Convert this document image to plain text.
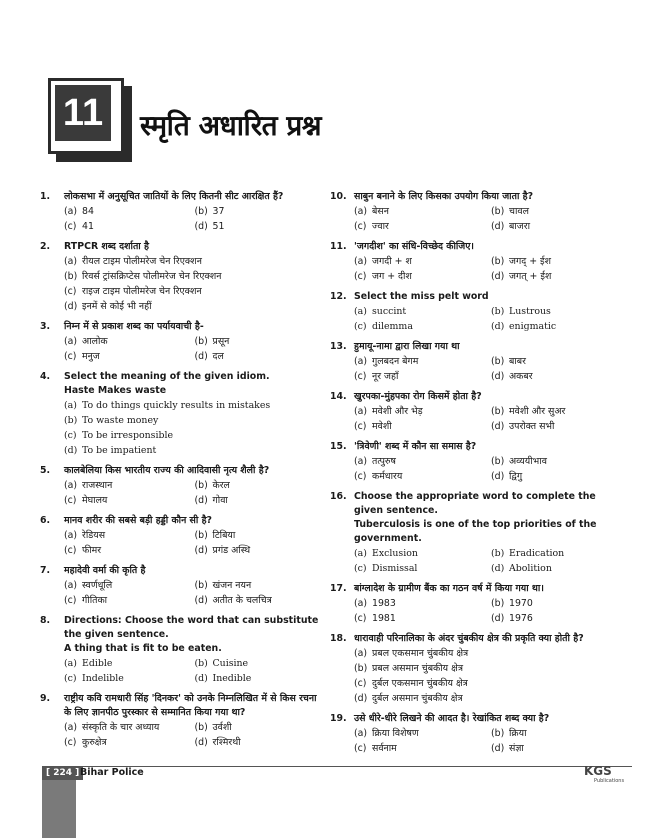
11 स्मृति अधारित प्रश्न
1.	लोकसभा में अनुसूचित जातियों के लिए कितनी सीट आरक्षित हैं?
(a) 84	(b) 37
(c) 41	(d) 51
2.	RTPCR शब्द दर्शाता है
(a) रीयल टाइम पोलीमरेज चेन रिएक्शन
(b) रिवर्स ट्रांसक्रिप्टेस पोलीमरेज चेन रिएक्शन
(c) राइज टाइम पोलीमरेज चेन रिएक्शन
(d) इनमें से कोई भी नहीं
3.	निम्न में से प्रकाश शब्द का पर्यायवाची है-
(a) आलोक	(b) प्रसून
(c) मनुज	(d) दल
4.	Select the meaning of the given idiom.
Haste Makes waste
(a) To do things quickly results in mistakes
(b) To waste money
(c) To be irresponsible
(d) To be impatient
5.	कालबेलिया किस भारतीय राज्य की आदिवासी नृत्य शैली है?
(a) राजस्थान	(b) केरल
(c) मेघालय	(d) गोवा
6.	मानव शरीर की सबसे बड़ी हड्डी कौन सी है?
(a) रेडियस	(b) टिबिया
(c) फीमर	(d) प्रगंड अस्थि
7.	महादेवी वर्मा की कृति है
(a) स्वर्णधूलि	(b) खंजन नयन
(c) गीतिका	(d) अतीत के चलचित्र
8.	Directions: Choose the word that can substitute the given sentence.
A thing that is fit to be eaten.
(a) Edible	(b) Cuisine
(c) Indelible	(d) Inedible
9.	राष्ट्रीय कवि रामधारी सिंह 'दिनकर' को उनके निम्नलिखित में से किस रचना के लिए ज्ञानपीठ पुरस्कार से सम्मानित किया गया था?
(a) संस्कृति के चार अध्याय	(b) उर्वशी
(c) कुरुक्षेत्र	(d) रश्मिरथी
10. साबुन बनाने के लिए किसका उपयोग किया जाता है?
(a) बेसन	(b) चावल
(c) ज्वार	(d) बाजरा
11. 'जगदीश' का संधि-विच्छेद कीजिए।
(a) जगदी + श	(b) जगद् + ईश
(c) जग + दीश	(d) जगत् + ईश
12. Select the miss pelt word
(a) succint	(b) Lustrous
(c) dilemma	(d) enigmatic
13. हुमायू-नामा द्वारा लिखा गया था
(a) गुलबदन बेगम	(b) बाबर
(c) नूर जहाँ	(d) अकबर
14. खुरपका-मुंहपका रोग किसमें होता है?
(a) मवेशी और भेड़	(b) मवेशी और सुअर
(c) मवेशी	(d) उपरोक्त सभी
15. 'त्रिवेणी' शब्द में कौन सा समास है?
(a) तत्पुरुष	(b) अव्ययीभाव
(c) कर्मधारय	(d) द्विगु
16. Choose the appropriate word to complete the given sentence.
Tuberculosis is one of the top priorities of the government.
(a) Exclusion	(b) Eradication
(c) Dismissal	(d) Abolition
17. बांग्लादेश के ग्रामीण बैंक का गठन वर्ष में किया गया था।
(a) 1983	(b) 1970
(c) 1981	(d) 1976
18. धारावाही परिनालिका के अंदर चुंबकीय क्षेत्र की प्रकृति क्या होती है?
(a) प्रबल एकसमान चुंबकीय क्षेत्र
(b) प्रबल असमान चुंबकीय क्षेत्र
(c) दुर्बल एकसमान चुंबकीय क्षेत्र
(d) दुर्बल असमान चुंबकीय क्षेत्र
19. उसे धीरे-धीरे लिखने की आदत है। रेखांकित शब्द क्या है?
(a) क्रिया विशेषण	(b) क्रिया
(c) सर्वनाम	(d) संज्ञा
[ 224 ] Bihar Police	KGS
Publications
